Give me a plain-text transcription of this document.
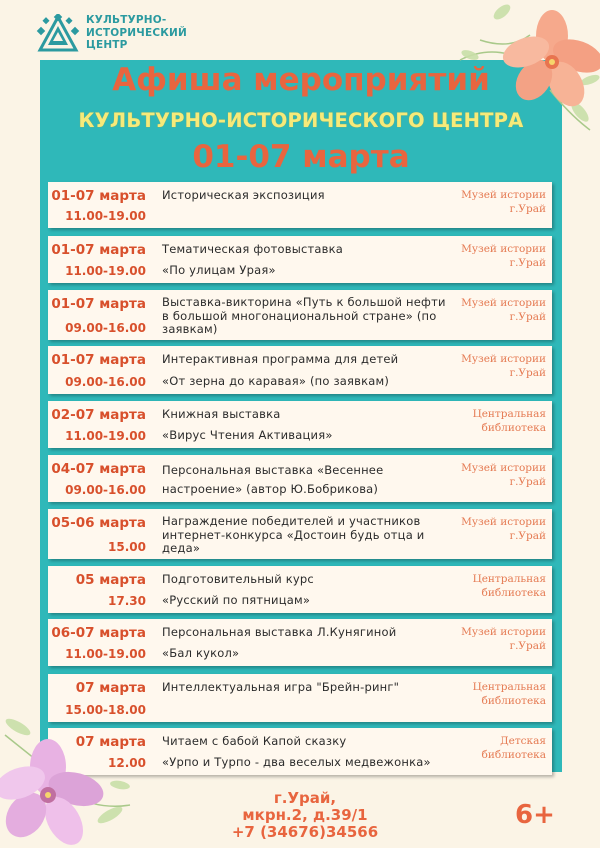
КУЛЬТУРНО-
ИСТОРИЧЕСКИЙ
ЦЕНТР
Афиша мероприятий
КУЛЬТУРНО-ИСТОРИЧЕСКОГО ЦЕНТРА
01-07 марта
01-07 марта
11.00-19.00
Историческая экспозиция	Музей истории г.Урай
01-07 марта
11.00-19.00
Тематическая фотовыставка
«По улицам Урая»
Музей истории г.Урай
01-07 марта
09.00-16.00
Выставка-викторина «Путь к большой нефти в большой многонациональной стране» (по заявкам)
Музей истории г.Урай
01-07 марта
09.00-16.00
Интерактивная программа для детей
«От зерна до каравая» (по заявкам)
Музей истории г.Урай
02-07 марта
11.00-19.00
Книжная выставка
«Вирус Чтения Активация»
Центральная библиотека
04-07 марта
09.00-16.00
Персональная выставка «Весеннее
настроение» (автор Ю.Бобрикова)
Музей истории г.Урай
05-06 марта
15.00
Награждение победителей и участников интернет-конкурса «Достоин будь отца и деда»
Музей истории г.Урай
05 марта
17.30
Подготовительный курс
«Русский по пятницам»
Центральная библиотека
06-07 марта
11.00-19.00
Персональная выставка Л.Кунягиной
«Бал кукол»
Музей истории г.Урай
07 марта
15.00-18.00
Интеллектуальная игра "Брейн-ринг"	Центральная библиотека
07 марта
12.00
Читаем с бабой Капой сказку
«Урпо и Турпо - два веселых медвежонка»
Детская библиотека
г.Урай,
мкрн.2, д.39/1
+7 (34676)34566
6+
